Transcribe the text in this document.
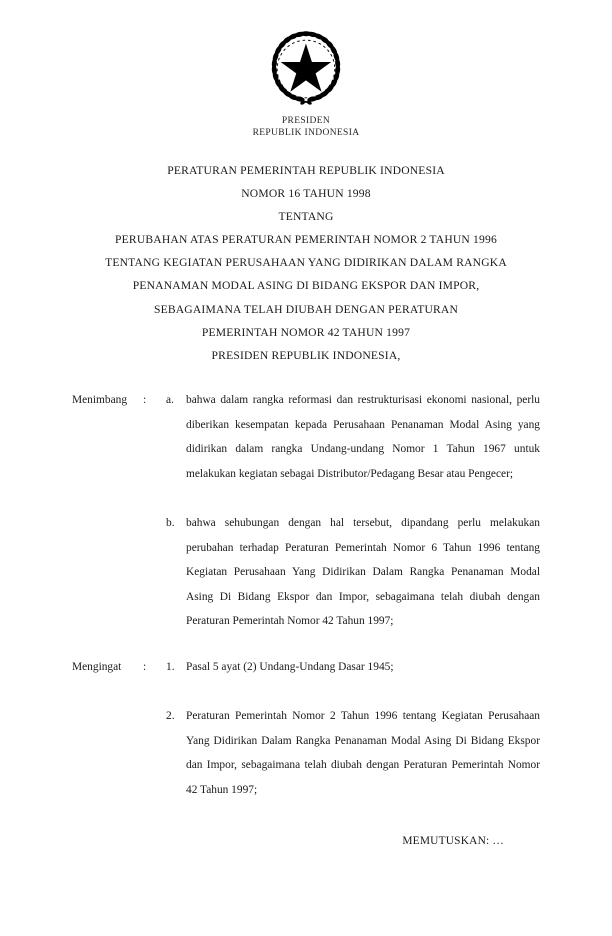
PRESIDEN
REPUBLIK INDONESIA
PERATURAN PEMERINTAH REPUBLIK INDONESIA
NOMOR 16 TAHUN 1998
TENTANG
PERUBAHAN ATAS PERATURAN PEMERINTAH NOMOR 2 TAHUN 1996
TENTANG KEGIATAN PERUSAHAAN YANG DIDIRIKAN DALAM RANGKA
PENANAMAN MODAL ASING DI BIDANG EKSPOR DAN IMPOR,
SEBAGAIMANA TELAH DIUBAH DENGAN PERATURAN
PEMERINTAH NOMOR 42 TAHUN 1997
PRESIDEN REPUBLIK INDONESIA,
Menimbang	:	a.	bahwa dalam rangka reformasi dan restrukturisasi ekonomi nasional, perlu diberikan kesempatan kepada Perusahaan Penanaman Modal Asing yang didirikan dalam rangka Undang-undang Nomor 1 Tahun 1967 untuk melakukan kegiatan sebagai Distributor/Pedagang Besar atau Pengecer;
b.	bahwa sehubungan dengan hal tersebut, dipandang perlu melakukan perubahan terhadap Peraturan Pemerintah Nomor 6 Tahun 1996 tentang Kegiatan Perusahaan Yang Didirikan Dalam Rangka Penanaman Modal Asing Di Bidang Ekspor dan Impor, sebagaimana telah diubah dengan Peraturan Pemerintah Nomor 42 Tahun 1997;
Mengingat	:	1.	Pasal 5 ayat (2) Undang-Undang Dasar 1945;
2.	Peraturan Pemerintah Nomor 2 Tahun 1996 tentang Kegiatan Perusahaan Yang Didirikan Dalam Rangka Penanaman Modal Asing Di Bidang Ekspor dan Impor, sebagaimana telah diubah dengan Peraturan Pemerintah Nomor 42 Tahun 1997;
MEMUTUSKAN: …
